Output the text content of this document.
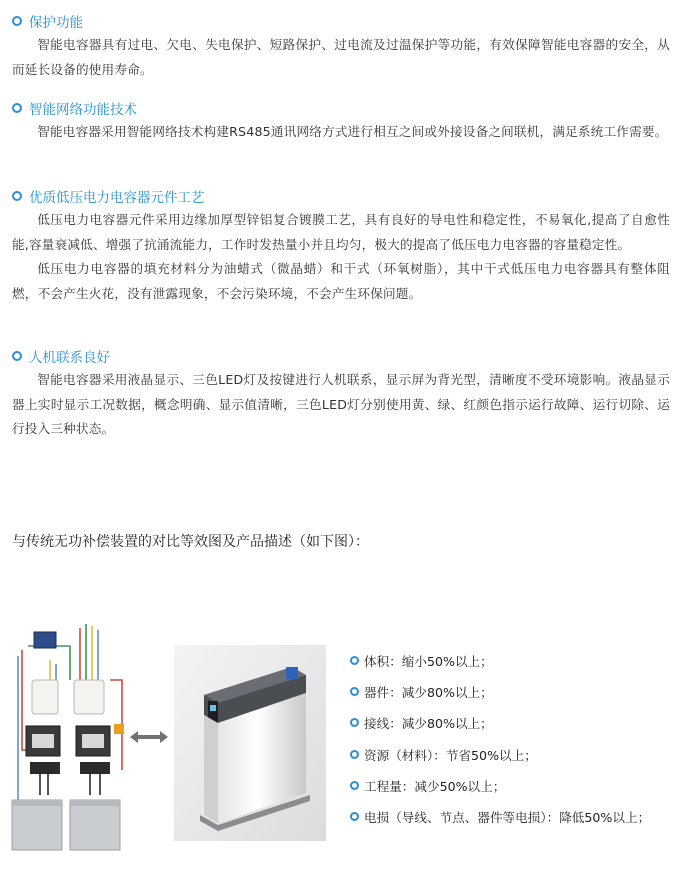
保护功能

智能电容器具有过电、欠电、失电保护、短路保护、过电流及过温保护等功能，有效保障智能电容器的安全，从而延长设备的使用寿命。

智能网络功能技术

智能电容器采用智能网络技术构建RS485通讯网络方式进行相互之间或外接设备之间联机，满足系统工作需要。

优质低压电力电容器元件工艺

低压电力电容器元件采用边缘加厚型锌铝复合镀膜工艺，具有良好的导电性和稳定性，不易氧化,提高了自愈性能,容量衰减低、增强了抗涌流能力，工作时发热量小并且均匀，极大的提高了低压电力电容器的容量稳定性。

低压电力电容器的填充材料分为油蜡式（微晶蜡）和干式（环氧树脂），其中干式低压电力电容器具有整体阻燃，不会产生火花，没有泄露现象，不会污染环境，不会产生环保问题。

人机联系良好

智能电容器采用液晶显示、三色LED灯及按键进行人机联系，显示屏为背光型，清晰度不受环境影响。液晶显示器上实时显示工况数据，概念明确、显示值清晰，三色LED灯分别使用黄、绿、红颜色指示运行故障、运行切除、运行投入三种状态。

与传统无功补偿装置的对比等效图及产品描述（如下图）：

体积：缩小50%以上；
器件：减少80%以上；
接线：减少80%以上；
资源（材料）：节省50%以上；
工程量：减少50%以上；
电损（导线、节点、器件等电损）：降低50%以上；
